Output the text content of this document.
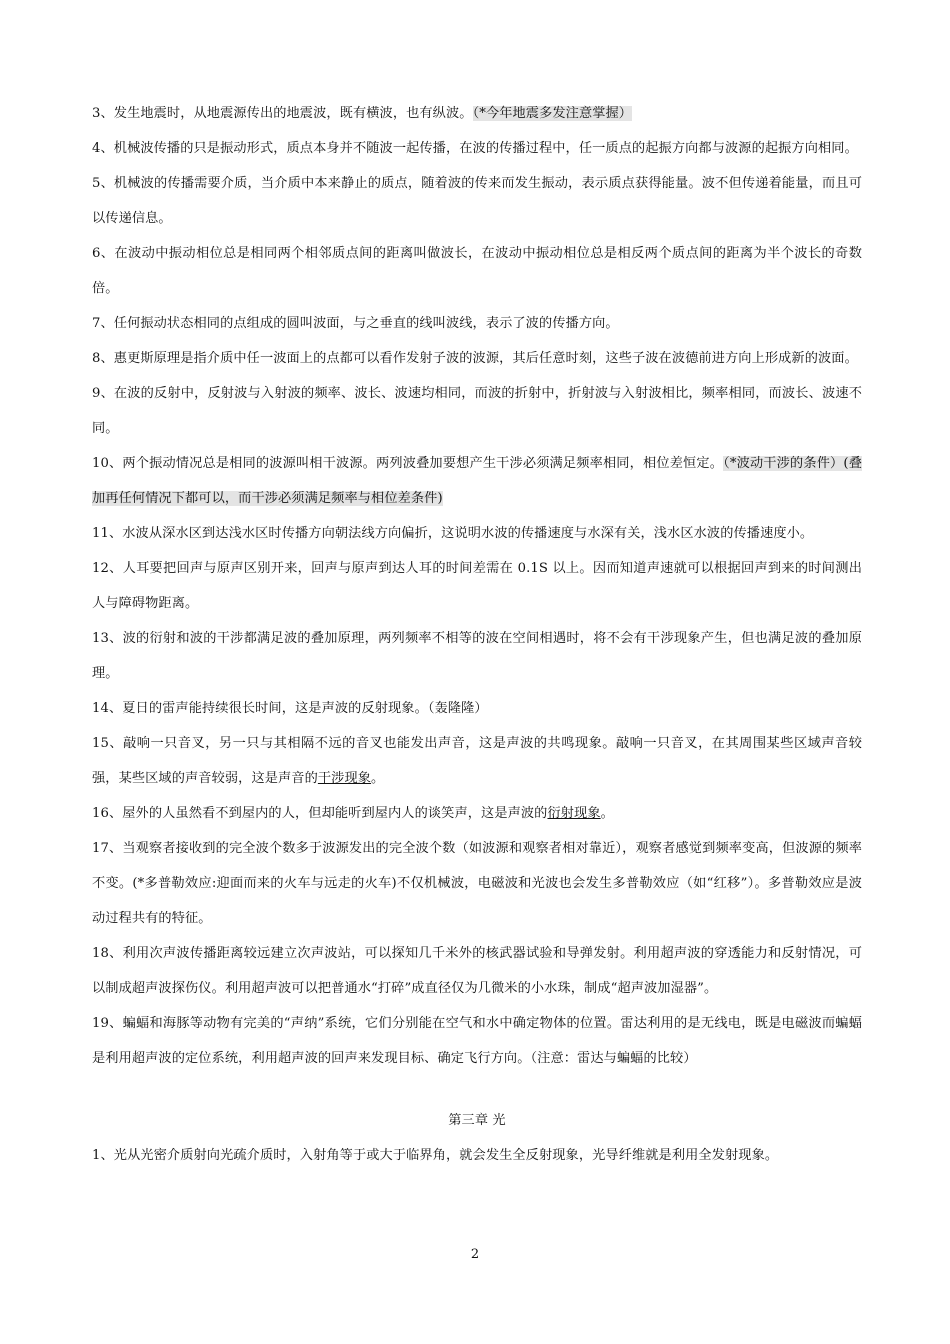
3、发生地震时，从地震源传出的地震波，既有横波，也有纵波。（*今年地震多发注意掌握）

4、机械波传播的只是振动形式，质点本身并不随波一起传播，在波的传播过程中，任一质点的起振方向都与波源的起振方向相同。

5、机械波的传播需要介质，当介质中本来静止的质点，随着波的传来而发生振动，表示质点获得能量。波不但传递着能量，而且可以传递信息。

6、在波动中振动相位总是相同两个相邻质点间的距离叫做波长，在波动中振动相位总是相反两个质点间的距离为半个波长的奇数倍。

7、任何振动状态相同的点组成的圆叫波面，与之垂直的线叫波线，表示了波的传播方向。

8、惠更斯原理是指介质中任一波面上的点都可以看作发射子波的波源，其后任意时刻，这些子波在波德前进方向上形成新的波面。

9、在波的反射中，反射波与入射波的频率、波长、波速均相同，而波的折射中，折射波与入射波相比，频率相同，而波长、波速不同。

10、两个振动情况总是相同的波源叫相干波源。两列波叠加要想产生干涉必须满足频率相同，相位差恒定。（*波动干涉的条件）(叠加再任何情况下都可以，而干涉必须满足频率与相位差条件)

11、水波从深水区到达浅水区时传播方向朝法线方向偏折，这说明水波的传播速度与水深有关，浅水区水波的传播速度小。

12、人耳要把回声与原声区别开来，回声与原声到达人耳的时间差需在 0.1S 以上。因而知道声速就可以根据回声到来的时间测出人与障碍物距离。

13、波的衍射和波的干涉都满足波的叠加原理，两列频率不相等的波在空间相遇时，将不会有干涉现象产生，但也满足波的叠加原理。

14、夏日的雷声能持续很长时间，这是声波的反射现象。（轰隆隆）

15、敲响一只音叉，另一只与其相隔不远的音叉也能发出声音，这是声波的共鸣现象。敲响一只音叉，在其周围某些区域声音较强，某些区域的声音较弱，这是声音的干涉现象。

16、屋外的人虽然看不到屋内的人，但却能听到屋内人的谈笑声，这是声波的衍射现象。

17、当观察者接收到的完全波个数多于波源发出的完全波个数（如波源和观察者相对靠近），观察者感觉到频率变高，但波源的频率不变。(*多普勒效应:迎面而来的火车与远走的火车)不仅机械波，电磁波和光波也会发生多普勒效应（如“红移”）。多普勒效应是波动过程共有的特征。

18、利用次声波传播距离较远建立次声波站，可以探知几千米外的核武器试验和导弹发射。利用超声波的穿透能力和反射情况，可以制成超声波探伤仪。利用超声波可以把普通水“打碎”成直径仅为几微米的小水珠，制成“超声波加湿器”。

19、蝙蝠和海豚等动物有完美的“声纳”系统，它们分别能在空气和水中确定物体的位置。雷达利用的是无线电，既是电磁波而蝙蝠是利用超声波的定位系统，利用超声波的回声来发现目标、确定飞行方向。（注意：雷达与蝙蝠的比较）

第三章 光

1、光从光密介质射向光疏介质时，入射角等于或大于临界角，就会发生全反射现象，光导纤维就是利用全发射现象。

2
